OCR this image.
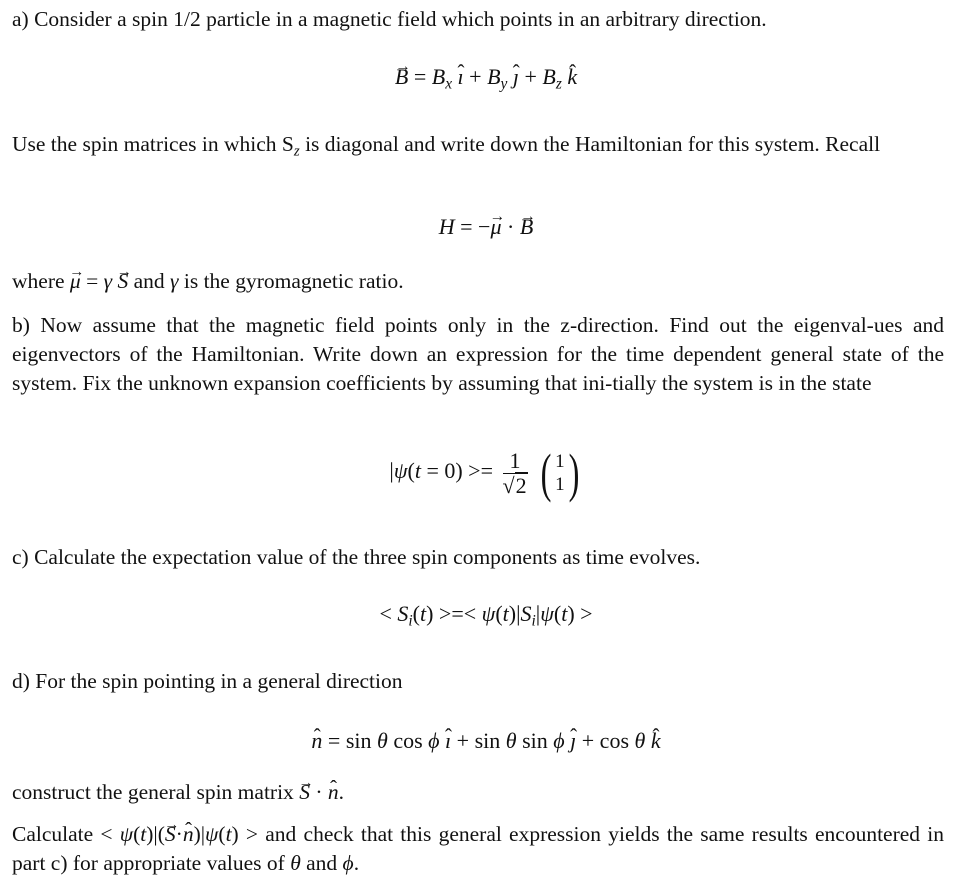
a) Consider a spin 1/2 particle in a magnetic field which points in an arbitrary direction.

→ $B = B_x$ ˆ ı + $B_y$ ˆ ȷ + $B_z$ ˆ k

Use the spin matrices in which $S_z$ is diagonal and write down the Hamiltonian for this system. Recall

H = −→ μ · → B

where → μ = γ → S and γ is the gyromagnetic ratio.

b) Now assume that the magnetic field points only in the z-direction. Find out the eigenval-ues and eigenvectors of the Hamiltonian. Write down an expression for the time dependent general state of the system. Fix the unknown expansion coefficients by assuming that ini-tially the system is in the state

$|\psi(t = 0) >= \frac{1}{√2}$ ( 1
1 )

c) Calculate the expectation value of the three spin components as time evolves.

< $S_i(t)$ >=< $\psi(t)|S_i|\psi(t)$ >

d) For the spin pointing in a general direction

ˆ n = sin θ cos ϕ ˆ ı + sin θ sin ϕ ˆ ȷ + cos θ ˆ k

construct the general spin matrix → S · ˆ n.

Calculate < ψ(t)|(→ S·ˆ n)|ψ(t) > and check that this general expression yields the same results encountered in part c) for appropriate values of θ and ϕ.
